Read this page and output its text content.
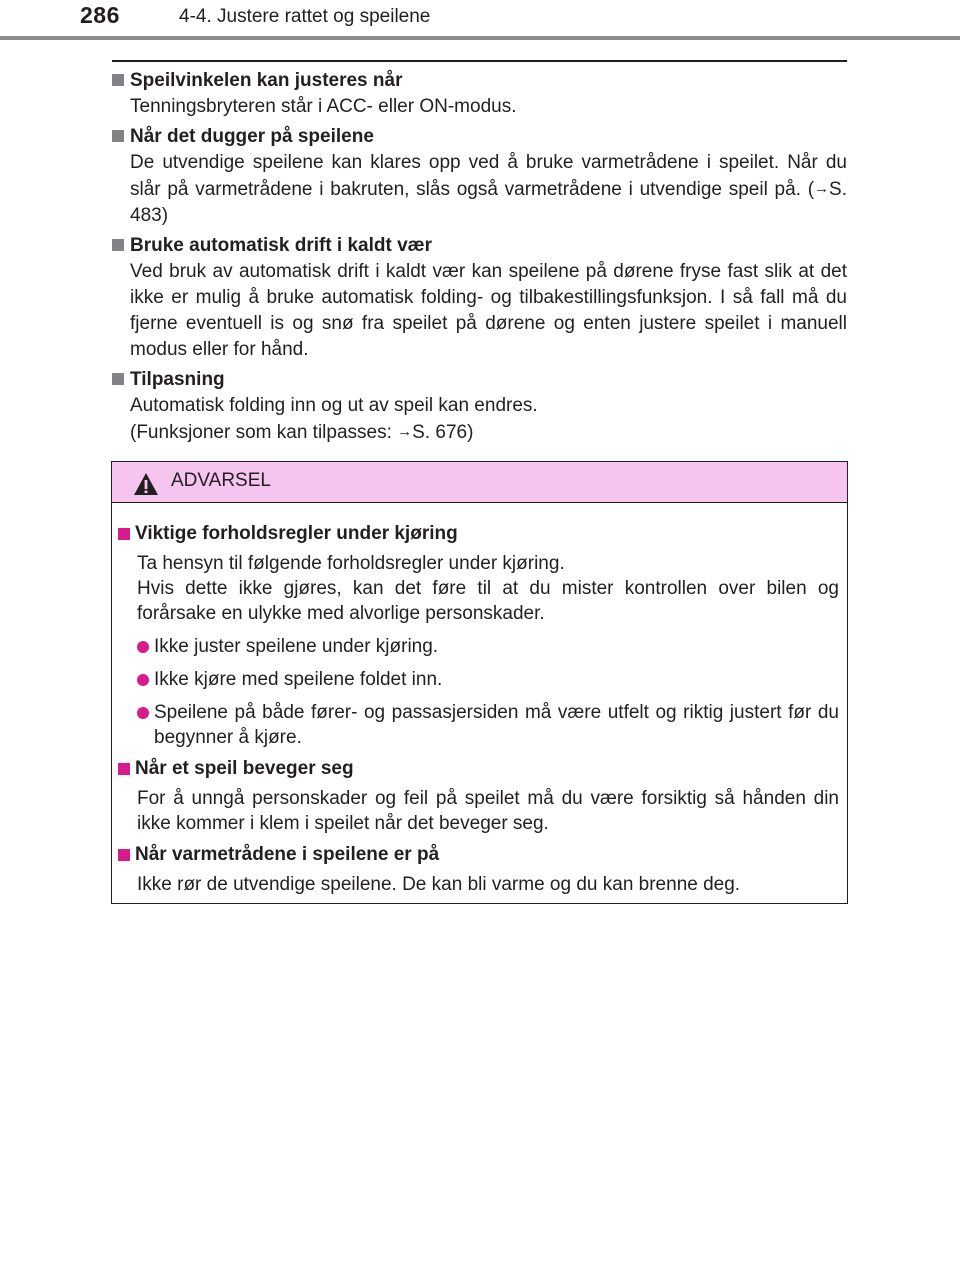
286	4-4. Justere rattet og speilene
Speilvinkelen kan justeres når
Tenningsbryteren står i ACC- eller ON-modus.
Når det dugger på speilene
De utvendige speilene kan klares opp ved å bruke varmetrådene i speilet. Når du slår på varmetrådene i bakruten, slås også varmetrådene i utvendige speil på. (→S. 483)
Bruke automatisk drift i kaldt vær
Ved bruk av automatisk drift i kaldt vær kan speilene på dørene fryse fast slik at det ikke er mulig å bruke automatisk folding- og tilbakestillingsfunksjon. I så fall må du fjerne eventuell is og snø fra speilet på dørene og enten justere speilet i manuell modus eller for hånd.
Tilpasning
Automatisk folding inn og ut av speil kan endres.
(Funksjoner som kan tilpasses: →S. 676)
ADVARSEL
Viktige forholdsregler under kjøring
Ta hensyn til følgende forholdsregler under kjøring.
Hvis dette ikke gjøres, kan det føre til at du mister kontrollen over bilen og forårsake en ulykke med alvorlige personskader.
Ikke juster speilene under kjøring.
Ikke kjøre med speilene foldet inn.
Speilene på både fører- og passasjersiden må være utfelt og riktig justert før du begynner å kjøre.
Når et speil beveger seg
For å unngå personskader og feil på speilet må du være forsiktig så hånden din ikke kommer i klem i speilet når det beveger seg.
Når varmetrådene i speilene er på
Ikke rør de utvendige speilene. De kan bli varme og du kan brenne deg.
